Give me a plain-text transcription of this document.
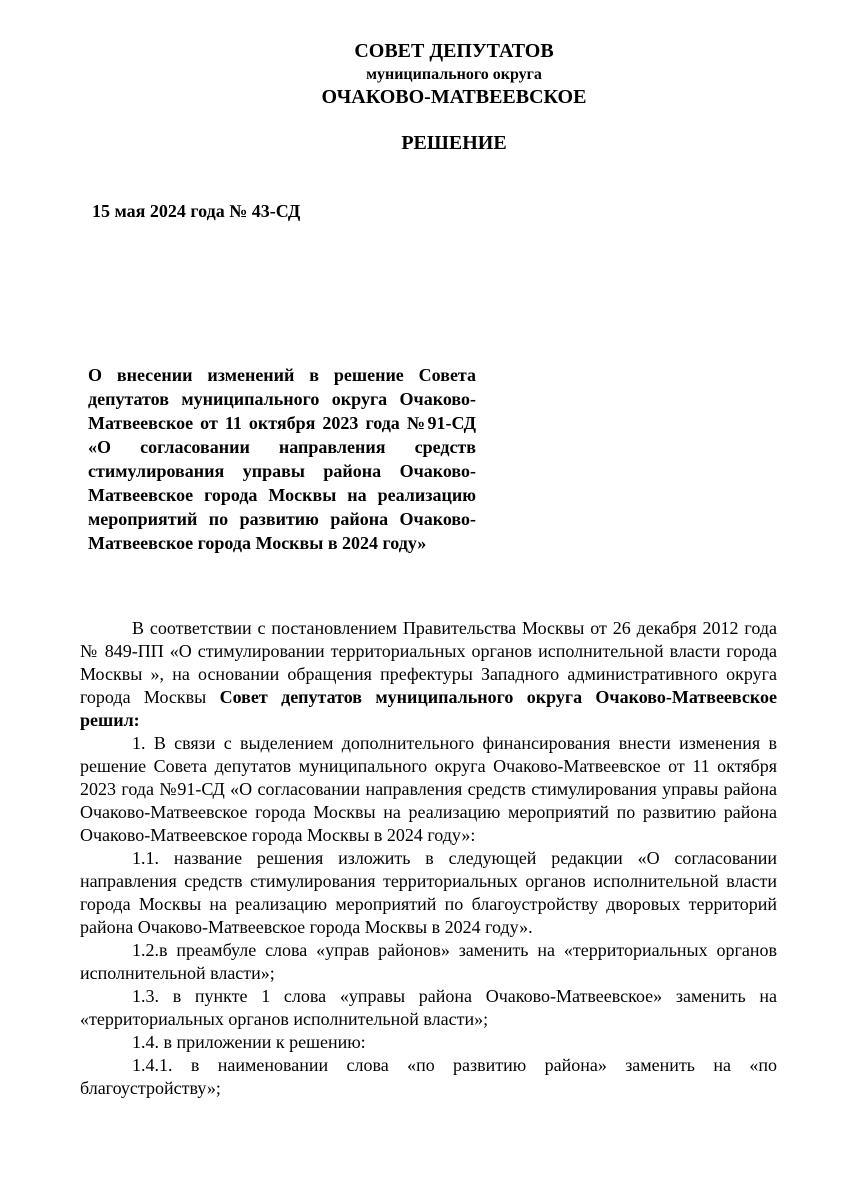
СОВЕТ ДЕПУТАТОВ
муниципального округа
ОЧАКОВО-МАТВЕЕВСКОЕ
РЕШЕНИЕ
15 мая 2024 года № 43-СД
О внесении изменений в решение Совета депутатов муниципального округа Очаково-Матвеевское от 11 октября 2023 года №91-СД «О согласовании направления средств стимулирования управы района Очаково-Матвеевское города Москвы на реализацию мероприятий по развитию района Очаково-Матвеевское города Москвы в 2024 году»

В соответствии с постановлением Правительства Москвы от 26 декабря 2012 года № 849-ПП «О стимулировании территориальных органов исполнительной власти города Москвы », на основании обращения префектуры Западного административного округа города Москвы Совет депутатов муниципального округа Очаково-Матвеевское решил:

1. В связи с выделением дополнительного финансирования внести изменения в решение Совета депутатов муниципального округа Очаково-Матвеевское от 11 октября 2023 года №91-СД «О согласовании направления средств стимулирования управы района Очаково-Матвеевское города Москвы на реализацию мероприятий по развитию района Очаково-Матвеевское города Москвы в 2024 году»:

1.1. название решения изложить в следующей редакции «О согласовании направления средств стимулирования территориальных органов исполнительной власти города Москвы на реализацию мероприятий по благоустройству дворовых территорий района Очаково-Матвеевское города Москвы в 2024 году».

1.2.в преамбуле слова «управ районов» заменить на «территориальных органов исполнительной власти»;

1.3. в пункте 1 слова «управы района Очаково-Матвеевское» заменить на «территориальных органов исполнительной власти»;

1.4. в приложении к решению:

1.4.1. в наименовании слова «по развитию района» заменить на «по благоустройству»;
